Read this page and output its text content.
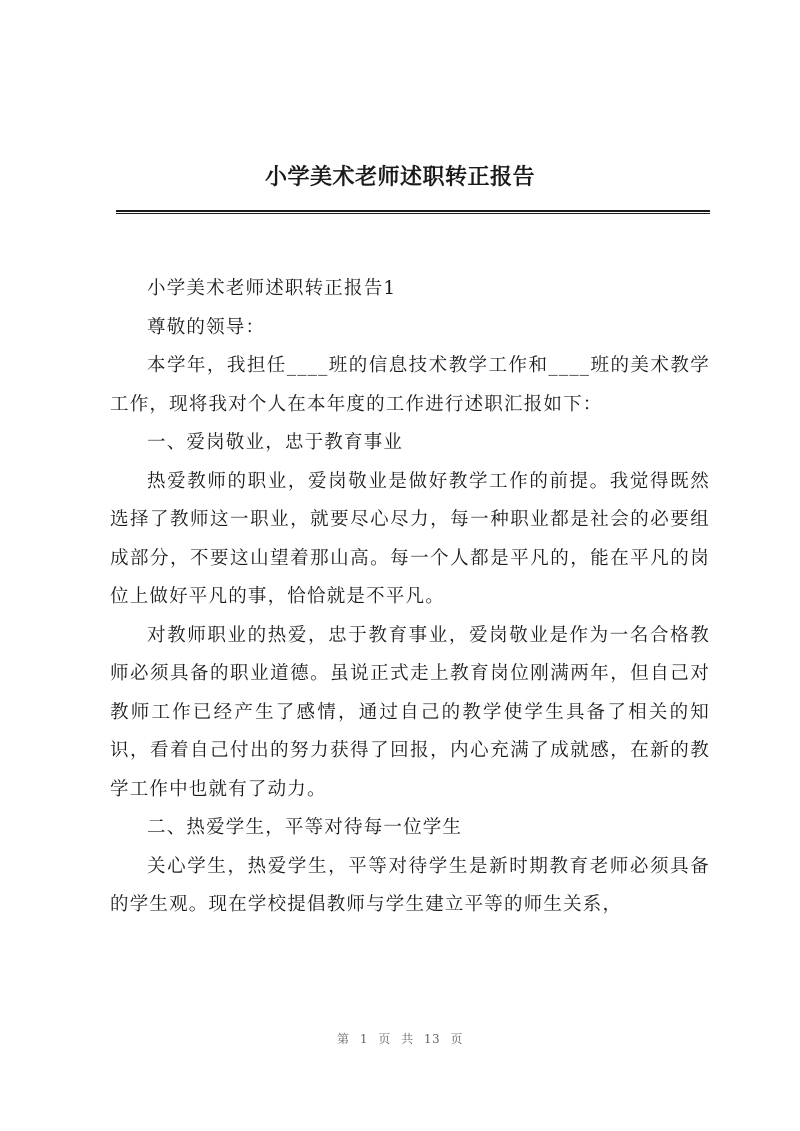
小学美术老师述职转正报告

小学美术老师述职转正报告1

尊敬的领导：

本学年，我担任____班的信息技术教学工作和____班的美术教学工作，现将我对个人在本年度的工作进行述职汇报如下：

一、爱岗敬业，忠于教育事业

热爱教师的职业，爱岗敬业是做好教学工作的前提。我觉得既然选择了教师这一职业，就要尽心尽力，每一种职业都是社会的必要组成部分，不要这山望着那山高。每一个人都是平凡的，能在平凡的岗位上做好平凡的事，恰恰就是不平凡。

对教师职业的热爱，忠于教育事业，爱岗敬业是作为一名合格教师必须具备的职业道德。虽说正式走上教育岗位刚满两年，但自己对教师工作已经产生了感情，通过自己的教学使学生具备了相关的知识，看着自己付出的努力获得了回报，内心充满了成就感，在新的教学工作中也就有了动力。

二、热爱学生，平等对待每一位学生

关心学生，热爱学生，平等对待学生是新时期教育老师必须具备的学生观。现在学校提倡教师与学生建立平等的师生关系，

第 1 页 共 13 页
